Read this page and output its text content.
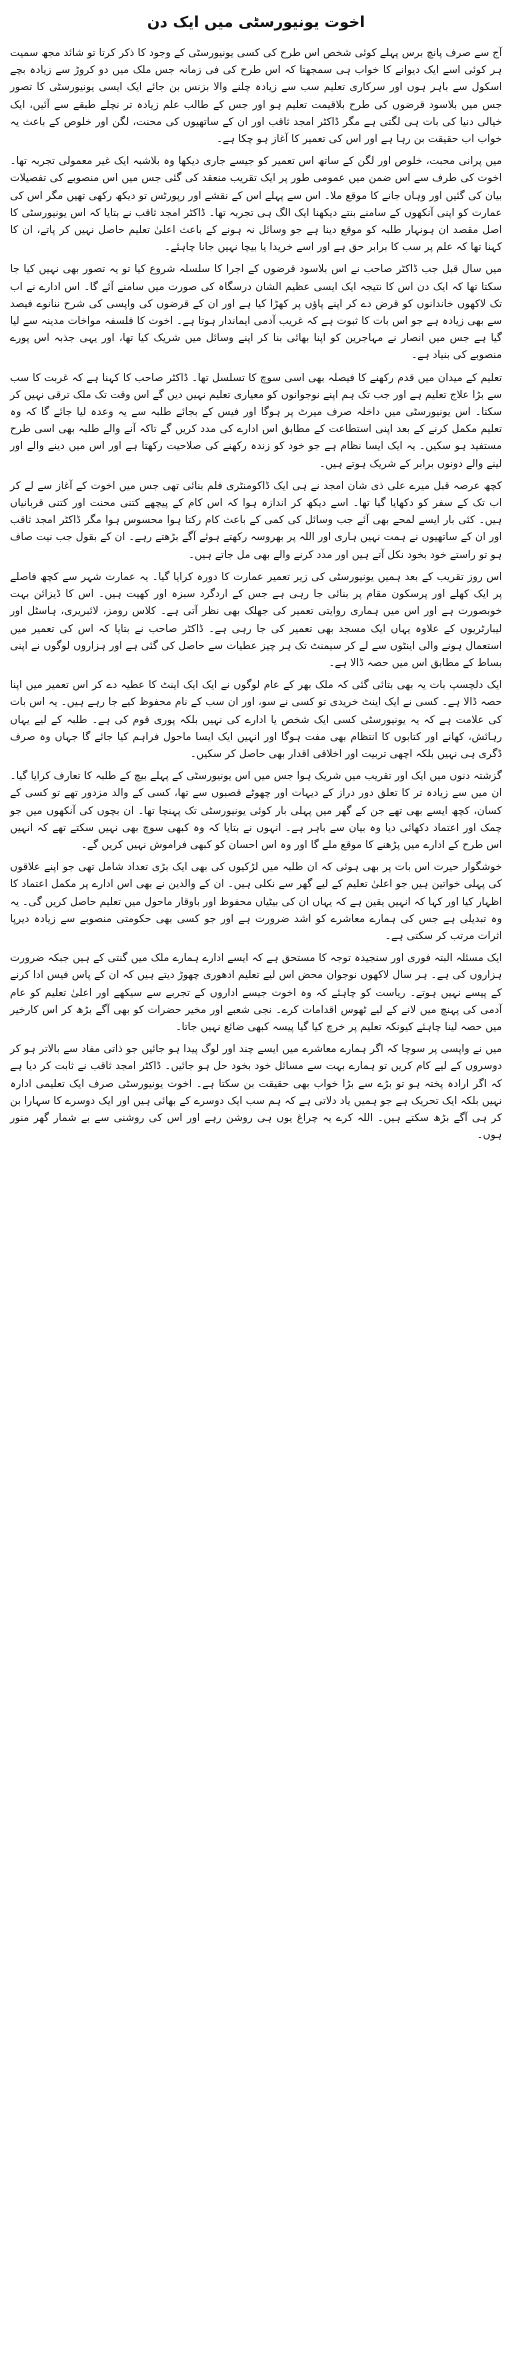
اخوت یونیورسٹی میں ایک دن

آج سے صرف پانچ برس پہلے کوئی شخص اس طرح کی کسی یونیورسٹی کے وجود کا ذکر کرتا تو شائد مجھ سمیت ہر کوئی اسے ایک دیوانے کا خواب ہی سمجھتا کہ اس طرح کی فی زمانہ جس ملک میں دو کروڑ سے زیادہ بچے اسکول سے باہر ہوں اور سرکاری تعلیم سب سے زیادہ چلنے والا بزنس بن جائے ایک ایسی یونیورسٹی کا تصور جس میں بلاسود قرضوں کی طرح بلاقیمت تعلیم ہو اور جس کے طالب علم زیادہ تر نچلے طبقے سے آئیں، ایک خیالی دنیا کی بات ہی لگتی ہے مگر ڈاکٹر امجد ثاقب اور ان کے ساتھیوں کی محنت، لگن اور خلوص کے باعث یہ خواب اب حقیقت بن رہا ہے اور اس کی تعمیر کا آغاز ہو چکا ہے۔

میں پرانی محبت، خلوص اور لگن کے ساتھ اس تعمیر کو جیسے جاری دیکھا وہ بلاشبہ ایک غیر معمولی تجربہ تھا۔ اخوت کی طرف سے اس ضمن میں عمومی طور پر ایک تقریب منعقد کی گئی جس میں اس منصوبے کی تفصیلات بیان کی گئیں اور وہاں جانے کا موقع ملا۔ اس سے پہلے اس کے نقشے اور رپورٹس تو دیکھ رکھی تھیں مگر اس کی عمارت کو اپنی آنکھوں کے سامنے بنتے دیکھنا ایک الگ ہی تجربہ تھا۔ ڈاکٹر امجد ثاقب نے بتایا کہ اس یونیورسٹی کا اصل مقصد ان ہونہار طلبہ کو موقع دینا ہے جو وسائل نہ ہونے کے باعث اعلیٰ تعلیم حاصل نہیں کر پاتے، ان کا کہنا تھا کہ علم پر سب کا برابر حق ہے اور اسے خریدا یا بیچا نہیں جانا چاہئے۔

میں سال قبل جب ڈاکٹر صاحب نے اس بلاسود قرضوں کے اجرا کا سلسلہ شروع کیا تو یہ تصور بھی نہیں کیا جا سکتا تھا کہ ایک دن اس کا نتیجہ ایک ایسی عظیم الشان درسگاہ کی صورت میں سامنے آئے گا۔ اس ادارے نے اب تک لاکھوں خاندانوں کو قرض دے کر اپنے پاؤں پر کھڑا کیا ہے اور ان کے قرضوں کی واپسی کی شرح ننانوے فیصد سے بھی زیادہ ہے جو اس بات کا ثبوت ہے کہ غریب آدمی ایماندار ہوتا ہے۔ اخوت کا فلسفہ مواخات مدینہ سے لیا گیا ہے جس میں انصار نے مہاجرین کو اپنا بھائی بنا کر اپنے وسائل میں شریک کیا تھا، اور یہی جذبہ اس پورے منصوبے کی بنیاد ہے۔

تعلیم کے میدان میں قدم رکھنے کا فیصلہ بھی اسی سوچ کا تسلسل تھا۔ ڈاکٹر صاحب کا کہنا ہے کہ غربت کا سب سے بڑا علاج تعلیم ہے اور جب تک ہم اپنے نوجوانوں کو معیاری تعلیم نہیں دیں گے اس وقت تک ملک ترقی نہیں کر سکتا۔ اس یونیورسٹی میں داخلہ صرف میرٹ پر ہوگا اور فیس کے بجائے طلبہ سے یہ وعدہ لیا جائے گا کہ وہ تعلیم مکمل کرنے کے بعد اپنی استطاعت کے مطابق اس ادارے کی مدد کریں گے تاکہ آنے والے طلبہ بھی اسی طرح مستفید ہو سکیں۔ یہ ایک ایسا نظام ہے جو خود کو زندہ رکھنے کی صلاحیت رکھتا ہے اور اس میں دینے والے اور لینے والے دونوں برابر کے شریک ہوتے ہیں۔

کچھ عرصہ قبل میرے علی ذی شان امجد نے ہی ایک ڈاکومنٹری فلم بنائی تھی جس میں اخوت کے آغاز سے لے کر اب تک کے سفر کو دکھایا گیا تھا۔ اسے دیکھ کر اندازہ ہوا کہ اس کام کے پیچھے کتنی محنت اور کتنی قربانیاں ہیں۔ کئی بار ایسے لمحے بھی آئے جب وسائل کی کمی کے باعث کام رکتا ہوا محسوس ہوا مگر ڈاکٹر امجد ثاقب اور ان کے ساتھیوں نے ہمت نہیں ہاری اور اللہ پر بھروسہ رکھتے ہوئے آگے بڑھتے رہے۔ ان کے بقول جب نیت صاف ہو تو راستے خود بخود نکل آتے ہیں اور مدد کرنے والے بھی مل جاتے ہیں۔

اس روز تقریب کے بعد ہمیں یونیورسٹی کی زیر تعمیر عمارت کا دورہ کرایا گیا۔ یہ عمارت شہر سے کچھ فاصلے پر ایک کھلے اور پرسکون مقام پر بنائی جا رہی ہے جس کے اردگرد سبزہ اور کھیت ہیں۔ اس کا ڈیزائن بہت خوبصورت ہے اور اس میں ہماری روایتی تعمیر کی جھلک بھی نظر آتی ہے۔ کلاس رومز، لائبریری، ہاسٹل اور لیبارٹریوں کے علاوہ یہاں ایک مسجد بھی تعمیر کی جا رہی ہے۔ ڈاکٹر صاحب نے بتایا کہ اس کی تعمیر میں استعمال ہونے والی اینٹوں سے لے کر سیمنٹ تک ہر چیز عطیات سے حاصل کی گئی ہے اور ہزاروں لوگوں نے اپنی بساط کے مطابق اس میں حصہ ڈالا ہے۔

ایک دلچسپ بات یہ بھی بتائی گئی کہ ملک بھر کے عام لوگوں نے ایک ایک اینٹ کا عطیہ دے کر اس تعمیر میں اپنا حصہ ڈالا ہے۔ کسی نے ایک اینٹ خریدی تو کسی نے سو، اور ان سب کے نام محفوظ کیے جا رہے ہیں۔ یہ اس بات کی علامت ہے کہ یہ یونیورسٹی کسی ایک شخص یا ادارے کی نہیں بلکہ پوری قوم کی ہے۔ طلبہ کے لیے یہاں رہائش، کھانے اور کتابوں کا انتظام بھی مفت ہوگا اور انہیں ایک ایسا ماحول فراہم کیا جائے گا جہاں وہ صرف ڈگری ہی نہیں بلکہ اچھی تربیت اور اخلاقی اقدار بھی حاصل کر سکیں۔

گزشتہ دنوں میں ایک اور تقریب میں شریک ہوا جس میں اس یونیورسٹی کے پہلے بیچ کے طلبہ کا تعارف کرایا گیا۔ ان میں سے زیادہ تر کا تعلق دور دراز کے دیہات اور چھوٹے قصبوں سے تھا، کسی کے والد مزدور تھے تو کسی کے کسان، کچھ ایسے بھی تھے جن کے گھر میں پہلی بار کوئی یونیورسٹی تک پہنچا تھا۔ ان بچوں کی آنکھوں میں جو چمک اور اعتماد دکھائی دیا وہ بیان سے باہر ہے۔ انہوں نے بتایا کہ وہ کبھی سوچ بھی نہیں سکتے تھے کہ انہیں اس طرح کے ادارے میں پڑھنے کا موقع ملے گا اور وہ اس احسان کو کبھی فراموش نہیں کریں گے۔

خوشگوار حیرت اس بات پر بھی ہوئی کہ ان طلبہ میں لڑکیوں کی بھی ایک بڑی تعداد شامل تھی جو اپنے علاقوں کی پہلی خواتین ہیں جو اعلیٰ تعلیم کے لیے گھر سے نکلی ہیں۔ ان کے والدین نے بھی اس ادارے پر مکمل اعتماد کا اظہار کیا اور کہا کہ انہیں یقین ہے کہ یہاں ان کی بیٹیاں محفوظ اور باوقار ماحول میں تعلیم حاصل کریں گی۔ یہ وہ تبدیلی ہے جس کی ہمارے معاشرے کو اشد ضرورت ہے اور جو کسی بھی حکومتی منصوبے سے زیادہ دیرپا اثرات مرتب کر سکتی ہے۔

ایک مسئلہ البتہ فوری اور سنجیدہ توجہ کا مستحق ہے کہ ایسے ادارے ہمارے ملک میں گنتی کے ہیں جبکہ ضرورت ہزاروں کی ہے۔ ہر سال لاکھوں نوجوان محض اس لیے تعلیم ادھوری چھوڑ دیتے ہیں کہ ان کے پاس فیس ادا کرنے کے پیسے نہیں ہوتے۔ ریاست کو چاہئے کہ وہ اخوت جیسے اداروں کے تجربے سے سیکھے اور اعلیٰ تعلیم کو عام آدمی کی پہنچ میں لانے کے لیے ٹھوس اقدامات کرے۔ نجی شعبے اور مخیر حضرات کو بھی آگے بڑھ کر اس کارخیر میں حصہ لینا چاہئے کیونکہ تعلیم پر خرچ کیا گیا پیسہ کبھی ضائع نہیں جاتا۔

میں نے واپسی پر سوچا کہ اگر ہمارے معاشرے میں ایسے چند اور لوگ پیدا ہو جائیں جو ذاتی مفاد سے بالاتر ہو کر دوسروں کے لیے کام کریں تو ہمارے بہت سے مسائل خود بخود حل ہو جائیں۔ ڈاکٹر امجد ثاقب نے ثابت کر دیا ہے کہ اگر ارادہ پختہ ہو تو بڑے سے بڑا خواب بھی حقیقت بن سکتا ہے۔ اخوت یونیورسٹی صرف ایک تعلیمی ادارہ نہیں بلکہ ایک تحریک ہے جو ہمیں یاد دلاتی ہے کہ ہم سب ایک دوسرے کے بھائی ہیں اور ایک دوسرے کا سہارا بن کر ہی آگے بڑھ سکتے ہیں۔ اللہ کرے یہ چراغ یوں ہی روشن رہے اور اس کی روشنی سے بے شمار گھر منور ہوں۔
